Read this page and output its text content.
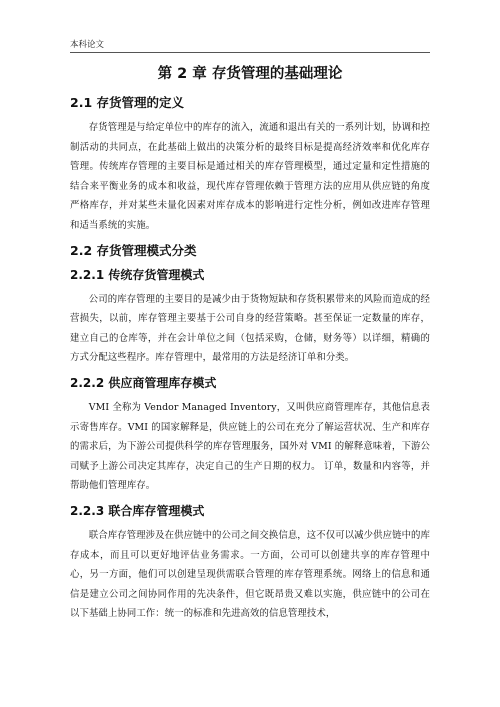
本科论文
第 2 章 存货管理的基础理论
2.1 存货管理的定义

存货管理是与给定单位中的库存的流入，流通和退出有关的一系列计划，协调和控制活动的共同点，在此基础上做出的决策分析的最终目标是提高经济效率和优化库存管理。传统库存管理的主要目标是通过相关的库存管理模型，通过定量和定性措施的结合来平衡业务的成本和收益，现代库存管理依赖于管理方法的应用从供应链的角度严格库存，并对某些未量化因素对库存成本的影响进行定性分析，例如改进库存管理和适当系统的实施。

2.2 存货管理模式分类
2.2.1 传统存货管理模式

公司的库存管理的主要目的是减少由于货物短缺和存货积累带来的风险而造成的经营损失，以前，库存管理主要基于公司自身的经营策略。甚至保证一定数量的库存，建立自己的仓库等，并在会计单位之间（包括采购，仓储，财务等）以详细，精确的方式分配这些程序。库存管理中，最常用的方法是经济订单和分类。

2.2.2 供应商管理库存模式

VMI 全称为 Vendor Managed Inventory，又叫供应商管理库存，其他信息表示寄售库存。VMI 的国家解释是，供应链上的公司在充分了解运营状况、生产和库存的需求后，为下游公司提供科学的库存管理服务，国外对 VMI 的解释意味着，下游公司赋予上游公司决定其库存，决定自己的生产日期的权力。 订单，数量和内容等，并帮助他们管理库存。

2.2.3 联合库存管理模式

联合库存管理涉及在供应链中的公司之间交换信息，这不仅可以减少供应链中的库存成本，而且可以更好地评估业务需求。一方面，公司可以创建共享的库存管理中心，另一方面，他们可以创建呈现供需联合管理的库存管理系统。网络上的信息和通信是建立公司之间协同作用的先决条件，但它既昂贵又难以实施，供应链中的公司在以下基础上协同工作：统一的标准和先进高效的信息管理技术，
